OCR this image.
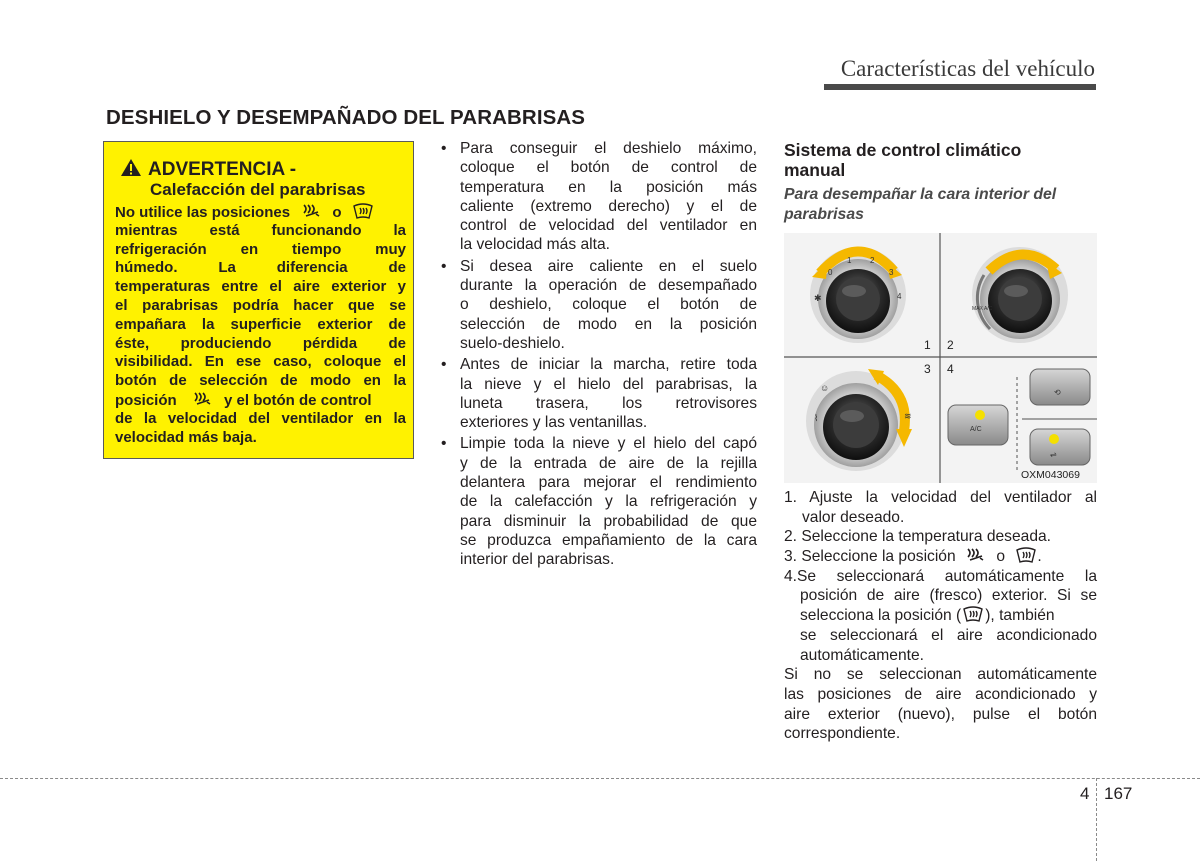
Características del vehículo
DESHIELO Y DESEMPAÑADO DEL PARABRISAS
ADVERTENCIA -
Calefacción del parabrisas
No utilice las posiciones	o
mientras está funcionando la
refrigeración en tiempo muy
húmedo. La diferencia de
temperaturas entre el aire exterior y
el parabrisas podría hacer que se
empañara la superficie exterior de
éste, produciendo pérdida de
visibilidad. En ese caso, coloque el
botón de selección de modo en la
posición	y el botón de control
de la velocidad del ventilador en la
velocidad más baja.
• Para conseguir el deshielo máximo,
coloque el botón de control de
temperatura en la posición más
caliente (extremo derecho) y el de
control de velocidad del ventilador en
la velocidad más alta.
• Si desea aire caliente en el suelo
durante la operación de desempañado
o deshielo, coloque el botón de
selección de modo en la posición
suelo-deshielo.
• Antes de iniciar la marcha, retire toda
la nieve y el hielo del parabrisas, la
luneta trasera, los retrovisores
exteriores y las ventanillas.
• Limpie toda la nieve y el hielo del capó
y de la entrada de aire de la rejilla
delantera para mejorar el rendimiento
de la calefacción y la refrigeración y
para disminuir la probabilidad de que
se produzca empañamiento de la cara
interior del parabrisas.
Sistema de control climático
manual
Para desempañar la cara interior del
parabrisas
0
1 2
3
4
✱
MAX A/C
1 2
3 4
☺
⌇	≋
⟲
A/C
⇌
OXM043069
1. Ajuste la velocidad del ventilador al
valor deseado.
2. Seleccione la temperatura deseada.
3. Seleccione la posición	o .
4.Se seleccionará automáticamente la
posición de aire (fresco) exterior. Si se
selecciona la posición ( ), también
se seleccionará el aire acondicionado
automáticamente.
Si no se seleccionan automáticamente
las posiciones de aire acondicionado y
aire exterior (nuevo), pulse el botón
correspondiente.
4 167
